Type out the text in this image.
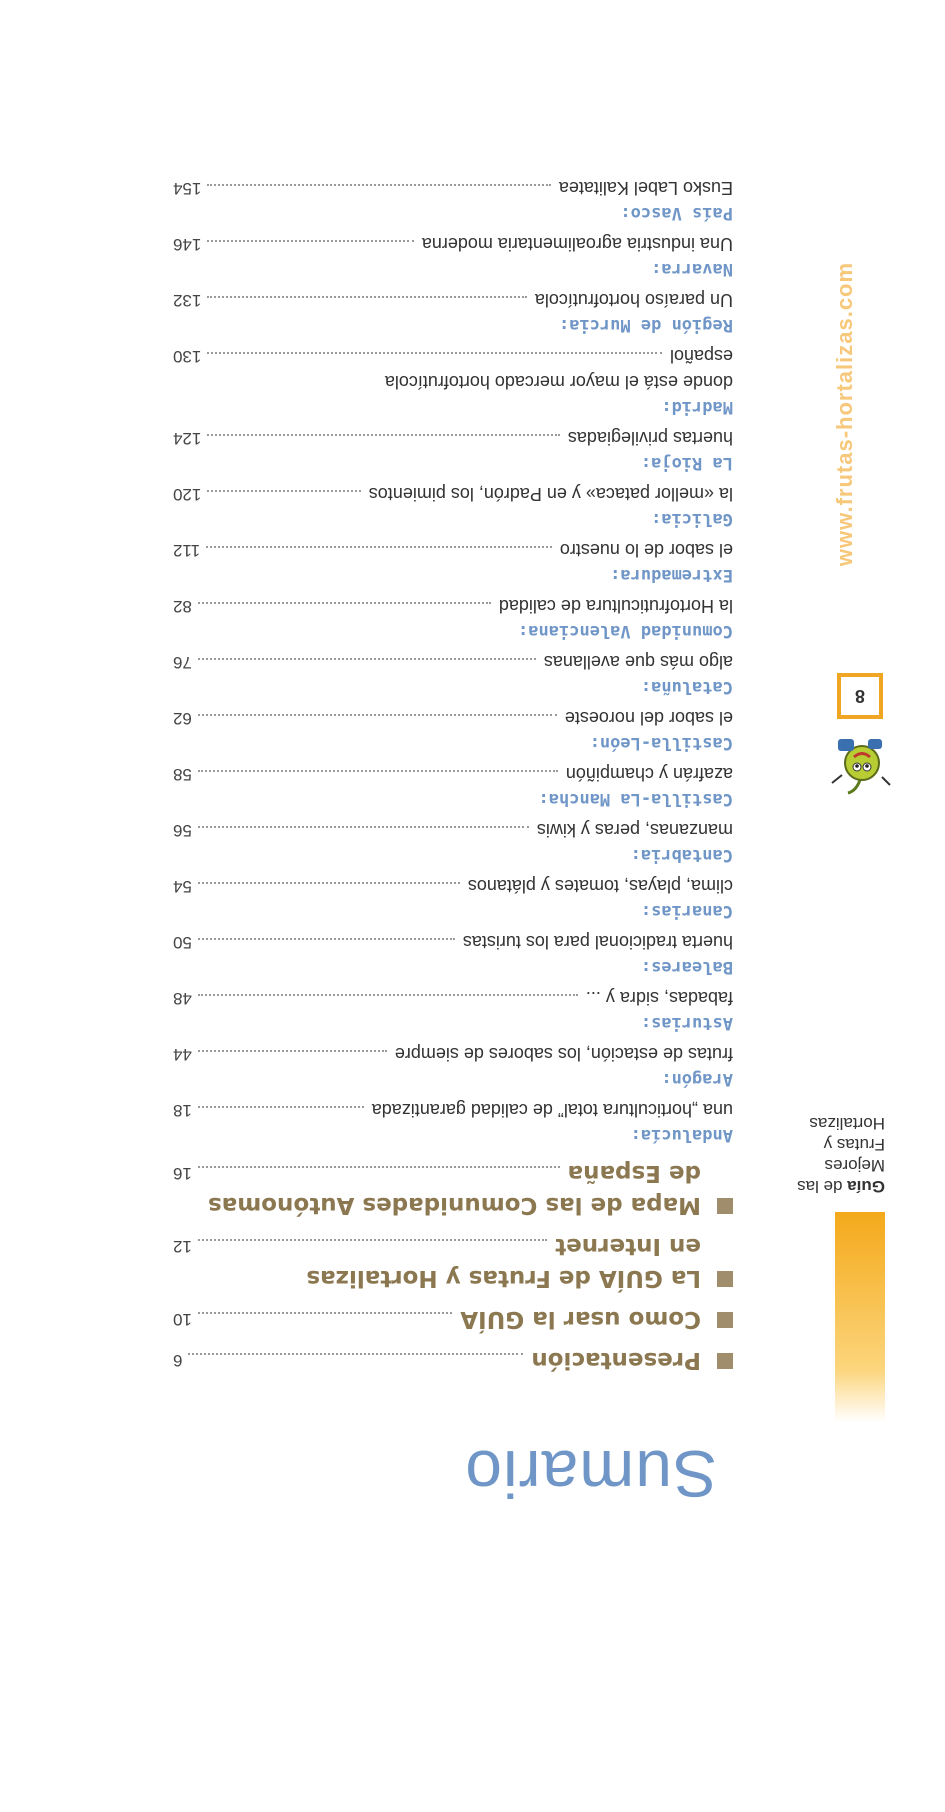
Sumario
Guía de las Mejores
Frutas y Hortalizas
8
www.frutas-hortalizas.com
Presentación
6
Como usar la GUÍA
10
La GUÍA de Frutas y Hortalizas
en Internet
12
Mapa de las Comunidades Autónomas
de España
16
Andalucía:
una „horticultura total” de calidad garantizada
18
Aragón:
frutas de estación, los sabores de siempre
44
Asturias:
fabadas, sidra y ...
48
Baleares:
huerta tradicional para los turistas
50
Canarias:
clima, playas, tomates y plátanos
54
Cantabria:
manzanas, peras y kiwis
56
Castilla-La Mancha:
azafrán y champiñón
58
Castilla-León:
el sabor del noroeste
62
Cataluña:
algo más que avellanas
76
Comunidad Valenciana:
la Hortofruticultura de calidad
82
Extremadura:
el sabor de lo nuestro
112
Galicia:
la «mellor pataca» y en Padrón, los pimientos
120
La Rioja:
huertas privilegiadas
124
Madrid:
donde está el mayor mercado hortofrutícola
español
130
Región de Murcia:
Un paraíso hortofrutícola
132
Navarra:
Una industria agroalimentaria moderna
146
País Vasco:
Eusko Label Kalitatea
154
